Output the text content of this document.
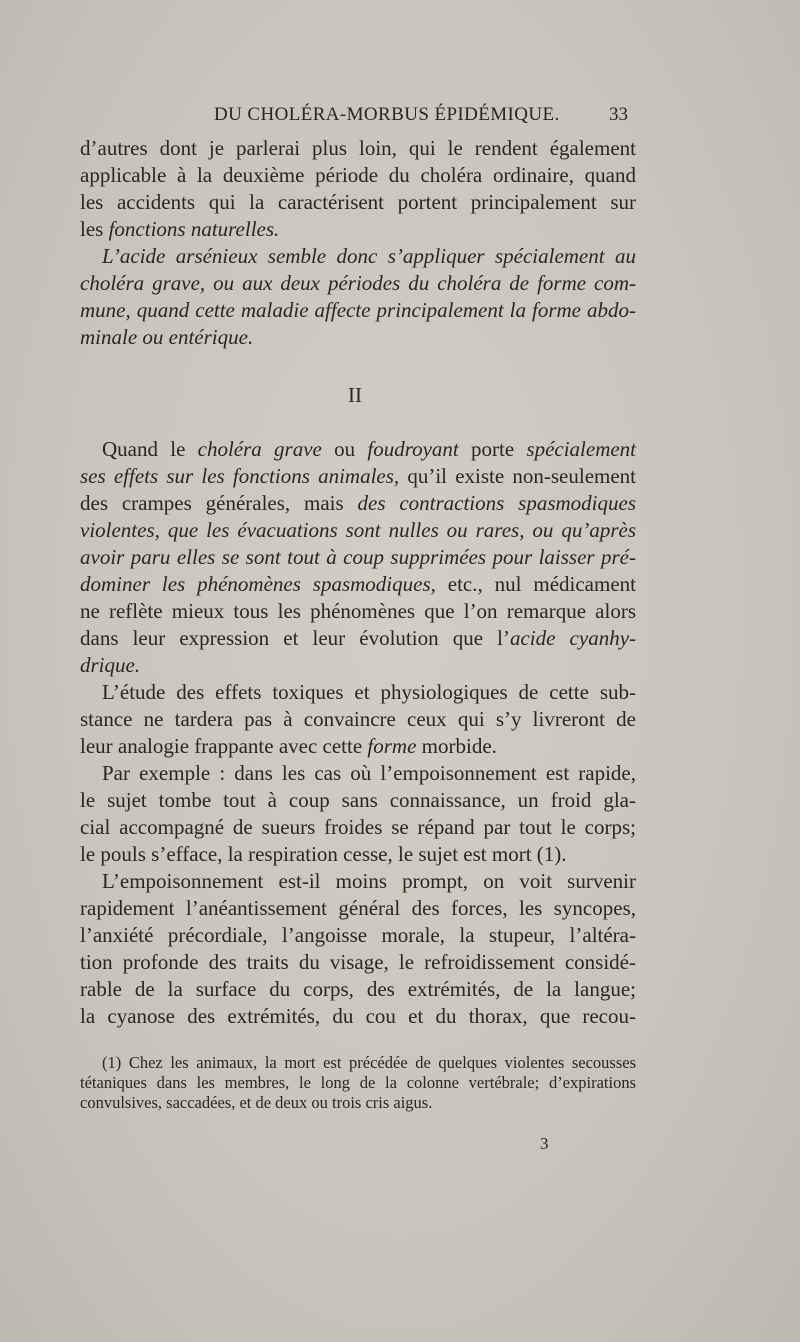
DU CHOLÉRA-MORBUS ÉPIDÉMIQUE.	33
d’autres dont je parlerai plus loin, qui le rendent également
applicable à la deuxième période du choléra ordinaire, quand
les accidents qui la caractérisent portent principalement sur
les fonctions naturelles.
L’acide arsénieux semble donc s’appliquer spécialement au
choléra grave, ou aux deux périodes du choléra de forme com-
mune, quand cette maladie affecte principalement la forme abdo-
minale ou entérique.
II
Quand le choléra grave ou foudroyant porte spécialement
ses effets sur les fonctions animales, qu’il existe non-seulement
des crampes générales, mais des contractions spasmodiques
violentes, que les évacuations sont nulles ou rares, ou qu’après
avoir paru elles se sont tout à coup supprimées pour laisser pré-
dominer les phénomènes spasmodiques, etc., nul médicament
ne reflète mieux tous les phénomènes que l’on remarque alors
dans leur expression et leur évolution que l’acide cyanhy-
drique.
L’étude des effets toxiques et physiologiques de cette sub-
stance ne tardera pas à convaincre ceux qui s’y livreront de
leur analogie frappante avec cette forme morbide.
Par exemple : dans les cas où l’empoisonnement est rapide,
le sujet tombe tout à coup sans connaissance, un froid gla-
cial accompagné de sueurs froides se répand par tout le corps;
le pouls s’efface, la respiration cesse, le sujet est mort (1).
L’empoisonnement est-il moins prompt, on voit survenir
rapidement l’anéantissement général des forces, les syncopes,
l’anxiété précordiale, l’angoisse morale, la stupeur, l’altéra-
tion profonde des traits du visage, le refroidissement considé-
rable de la surface du corps, des extrémités, de la langue;
la cyanose des extrémités, du cou et du thorax, que recou-
(1) Chez les animaux, la mort est précédée de quelques violentes secousses
tétaniques dans les membres, le long de la colonne vertébrale; d’expirations
convulsives, saccadées, et de deux ou trois cris aigus.
3
